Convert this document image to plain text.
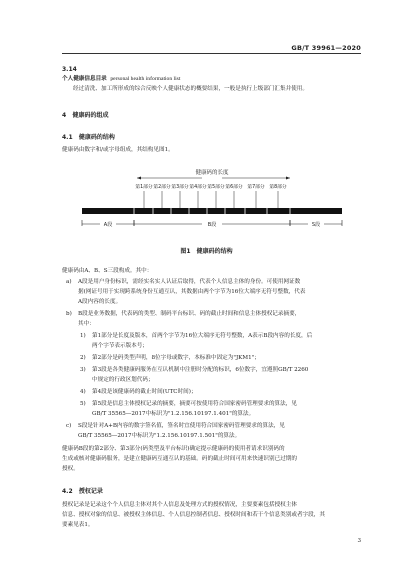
GB/T 39961—2020
3.14
个人健康信息目录 personal health information list
经过清洗、加工所形成的综合反映个人健康状态的概要结果，一般是执行上级部门汇集并使用。
4 健康码的组成
4.1 健康码的结构
健康码由数字和/或字母组成，其结构见图1。
健康码的长度
第1部分 第2部分 第3部分 第4部分 第5部分 第6部分 第7部分 第8部分
A段	B段	S段
图1　健康码的结构
健康码由A、B、S三段构成。其中：
a) A段是用户身份标识，需经实名实人认证后取得，代表个人信息主体的身份。可使用网证数
据(网证号用于实现跨系统身份互通互认，其数据由两个字节为16位大端序无符号整数，代表
A段内容的长度。
b) B段是业务数据，代表码的类型、制码平台标识、码的截止时间和信息主体授权记录摘要，
其中：
1) 第1部分是长度及版本，首两个字节为16位大端序无符号整数，A表示B段内容的长度，后
两个字节表示版本号；
2) 第2部分是码类型声明，8位字母或数字，本标准中固定为"JKM1"；
3) 第3段是各类健康码服务在互认机制中注册时分配的标识，6位数字，宜遵照GB/T 2260
中规定的行政区划代码；
4) 第4段是该健康码的截止时间(UTC时间)；
5) 第5段是信息主体授权记录的摘要，摘要可按使用符合国家密码管理要求的算法，见
GB/T 35565—2017中标识为"1.2.156.10197.1.401"的算法。
c) S段是针对A+B内容的数字签名值，签名时宜使用符合国家密码管理要求的算法，见
GB/T 35565—2017中标识为"1.2.156.10197.1.501"的算法。
健康码B段的第2部分、第3部分(码类型及平台标识)确定提示健康码的使用者请求识别码的
生成或核对健康码服务，是建立健康码互通互认的基础。码的截止时间可用来快速识别已过期的
授权。
4.2 授权记录
授权记录是记录这个个人信息主体对其个人信息及处理方式的授权情况，主要要素包括授权主体
信息、授权对象的信息、被授权主体信息、个人信息控制者信息、授权时间和若干个信息类别或者字段，其
要素见表1。
3
